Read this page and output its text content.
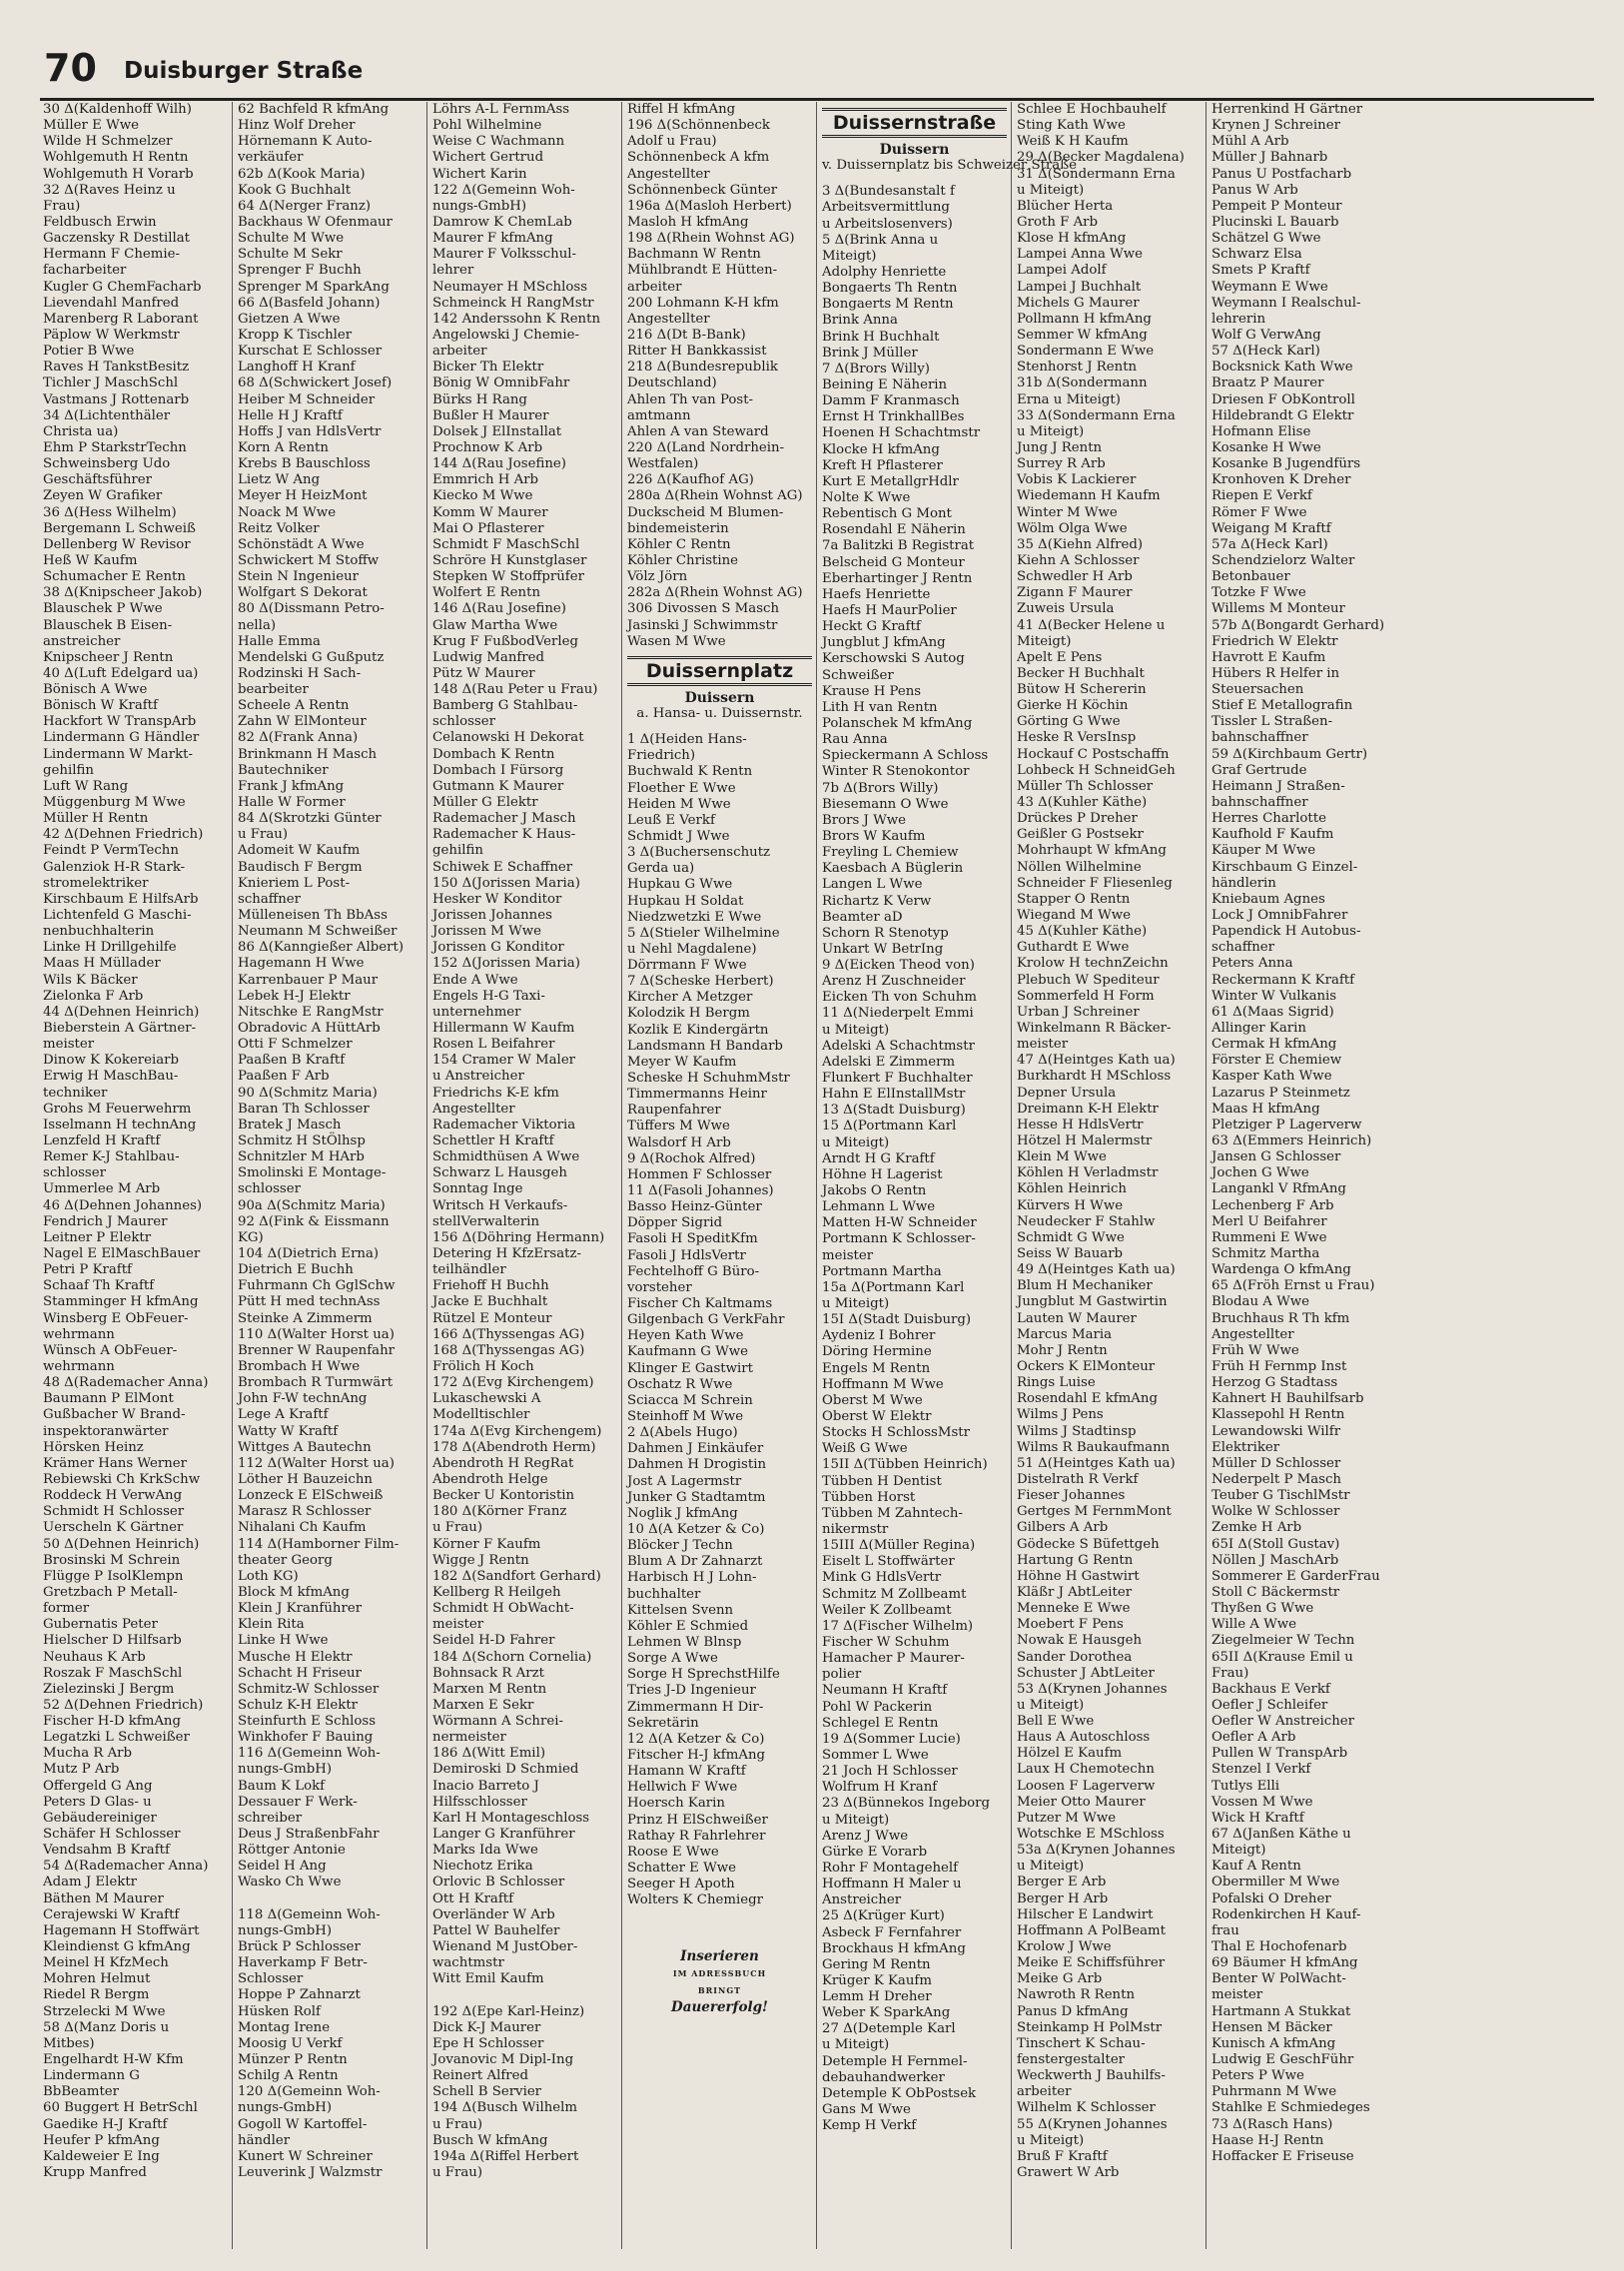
70 Duisburger Straße
30 Δ(Kaldenhoff Wilh)
Müller E Wwe
Wilde H Schmelzer
Wohlgemuth H Rentn
Wohlgemuth H Vorarb
32 Δ(Raves Heinz u
Frau)
Feldbusch Erwin
Gaczensky R Destillat
Hermann F Chemie-
facharbeiter
Kugler G ChemFacharb
Lievendahl Manfred
Marenberg R Laborant
Päplow W Werkmstr
Potier B Wwe
Raves H TankstBesitz
Tichler J MaschSchl
Vastmans J Rottenarb
34 Δ(Lichtenthäler
Christa ua)
Ehm P StarkstrTechn
Schweinsberg Udo
Geschäftsführer
Zeyen W Grafiker
36 Δ(Hess Wilhelm)
Bergemann L Schweiß
Dellenberg W Revisor
Heß W Kaufm
Schumacher E Rentn
38 Δ(Knipscheer Jakob)
Blauschek P Wwe
Blauschek B Eisen-
anstreicher
Knipscheer J Rentn
40 Δ(Luft Edelgard ua)
Bönisch A Wwe
Bönisch W Kraftf
Hackfort W TranspArb
Lindermann G Händler
Lindermann W Markt-
gehilfin
Luft W Rang
Müggenburg M Wwe
Müller H Rentn
42 Δ(Dehnen Friedrich)
Feindt P VermTechn
Galenziok H-R Stark-
stromelektriker
Kirschbaum E HilfsArb
Lichtenfeld G Maschi-
nenbuchhalterin
Linke H Drillgehilfe
Maas H Müllader
Wils K Bäcker
Zielonka F Arb
44 Δ(Dehnen Heinrich)
Bieberstein A Gärtner-
meister
Dinow K Kokereiarb
Erwig H MaschBau-
techniker
Grohs M Feuerwehrm
Isselmann H technAng
Lenzfeld H Kraftf
Remer K-J Stahlbau-
schlosser
Ummerlee M Arb
46 Δ(Dehnen Johannes)
Fendrich J Maurer
Leitner P Elektr
Nagel E ElMaschBauer
Petri P Kraftf
Schaaf Th Kraftf
Stamminger H kfmAng
Winsberg E ObFeuer-
wehrmann
Wünsch A ObFeuer-
wehrmann
48 Δ(Rademacher Anna)
Baumann P ElMont
Gußbacher W Brand-
inspektoranwärter
Hörsken Heinz
Krämer Hans Werner
Rebiewski Ch KrkSchw
Roddeck H VerwAng
Schmidt H Schlosser
Uerscheln K Gärtner
50 Δ(Dehnen Heinrich)
Brosinski M Schrein
Flügge P IsolKlempn
Gretzbach P Metall-
former
Gubernatis Peter
Hielscher D Hilfsarb
Neuhaus K Arb
Roszak F MaschSchl
Zielezinski J Bergm
52 Δ(Dehnen Friedrich)
Fischer H-D kfmAng
Legatzki L Schweißer
Mucha R Arb
Mutz P Arb
Offergeld G Ang
Peters D Glas- u
Gebäudereiniger
Schäfer H Schlosser
Vendsahm B Kraftf
54 Δ(Rademacher Anna)
Adam J Elektr
Bäthen M Maurer
Cerajewski W Kraftf
Hagemann H Stoffwärt
Kleindienst G kfmAng
Meinel H KfzMech
Mohren Helmut
Riedel R Bergm
Strzelecki M Wwe
58 Δ(Manz Doris u
Mitbes)
Engelhardt H-W Kfm
Lindermann G
BbBeamter
60 Buggert H BetrSchl
Gaedike H-J Kraftf
Heufer P kfmAng
Kaldeweier E Ing
Krupp Manfred
62 Bachfeld R kfmAng
Hinz Wolf Dreher
Hörnemann K Auto-
verkäufer
62b Δ(Kook Maria)
Kook G Buchhalt
64 Δ(Nerger Franz)
Backhaus W Ofenmaur
Schulte M Wwe
Schulte M Sekr
Sprenger F Buchh
Sprenger M SparkAng
66 Δ(Basfeld Johann)
Gietzen A Wwe
Kropp K Tischler
Kurschat E Schlosser
Langhoff H Kranf
68 Δ(Schwickert Josef)
Heiber M Schneider
Helle H J Kraftf
Hoffs J van HdlsVertr
Korn A Rentn
Krebs B Bauschloss
Lietz W Ang
Meyer H HeizMont
Noack M Wwe
Reitz Volker
Schönstädt A Wwe
Schwickert M Stoffw
Stein N Ingenieur
Wolfgart S Dekorat
80 Δ(Dissmann Petro-
nella)
Halle Emma
Mendelski G Gußputz
Rodzinski H Sach-
bearbeiter
Scheele A Rentn
Zahn W ElMonteur
82 Δ(Frank Anna)
Brinkmann H Masch
Bautechniker
Frank J kfmAng
Halle W Former
84 Δ(Skrotzki Günter
u Frau)
Adomeit W Kaufm
Baudisch F Bergm
Knieriem L Post-
schaffner
Mülleneisen Th BbAss
Neumann M Schweißer
86 Δ(Kanngießer Albert)
Hagemann H Wwe
Karrenbauer P Maur
Lebek H-J Elektr
Nitschke E RangMstr
Obradovic A HüttArb
Otti F Schmelzer
Paaßen B Kraftf
Paaßen F Arb
90 Δ(Schmitz Maria)
Baran Th Schlosser
Bratek J Masch
Schmitz H StÖlhsp
Schnitzler M HArb
Smolinski E Montage-
schlosser
90a Δ(Schmitz Maria)
92 Δ(Fink & Eissmann
KG)
104 Δ(Dietrich Erna)
Dietrich E Buchh
Fuhrmann Ch GglSchw
Pütt H med technAss
Steinke A Zimmerm
110 Δ(Walter Horst ua)
Brenner W Raupenfahr
Brombach H Wwe
Brombach R Turmwärt
John F-W technAng
Lege A Kraftf
Watty W Kraftf
Wittges A Bautechn
112 Δ(Walter Horst ua)
Löther H Bauzeichn
Lonzeck E ElSchweiß
Marasz R Schlosser
Nihalani Ch Kaufm
114 Δ(Hamborner Film-
theater Georg
Loth KG)
Block M kfmAng
Klein J Kranführer
Klein Rita
Linke H Wwe
Musche H Elektr
Schacht H Friseur
Schmitz-W Schlosser
Schulz K-H Elektr
Steinfurth E Schloss
Winkhofer F Bauing
116 Δ(Gemeinn Woh-
nungs-GmbH)
Baum K Lokf
Dessauer F Werk-
schreiber
Deus J StraßenbFahr
Röttger Antonie
Seidel H Ang
Wasko Ch Wwe
118 Δ(Gemeinn Woh-
nungs-GmbH)
Brück P Schlosser
Haverkamp F Betr-
Schlosser
Hoppe P Zahnarzt
Hüsken Rolf
Montag Irene
Moosig U Verkf
Münzer P Rentn
Schilg A Rentn
120 Δ(Gemeinn Woh-
nungs-GmbH)
Gogoll W Kartoffel-
händler
Kunert W Schreiner
Leuverink J Walzmstr
Löhrs A-L FernmAss
Pohl Wilhelmine
Weise C Wachmann
Wichert Gertrud
Wichert Karin
122 Δ(Gemeinn Woh-
nungs-GmbH)
Damrow K ChemLab
Maurer F kfmAng
Maurer F Volksschul-
lehrer
Neumayer H MSchloss
Schmeinck H RangMstr
142 Anderssohn K Rentn
Angelowski J Chemie-
arbeiter
Bicker Th Elektr
Bönig W OmnibFahr
Bürks H Rang
Bußler H Maurer
Dolsek J ElInstallat
Prochnow K Arb
144 Δ(Rau Josefine)
Emmrich H Arb
Kiecko M Wwe
Komm W Maurer
Mai O Pflasterer
Schmidt F MaschSchl
Schröre H Kunstglaser
Stepken W Stoffprüfer
Wolfert E Rentn
146 Δ(Rau Josefine)
Glaw Martha Wwe
Krug F FußbodVerleg
Ludwig Manfred
Pütz W Maurer
148 Δ(Rau Peter u Frau)
Bamberg G Stahlbau-
schlosser
Celanowski H Dekorat
Dombach K Rentn
Dombach I Fürsorg
Gutmann K Maurer
Müller G Elektr
Rademacher J Masch
Rademacher K Haus-
gehilfin
Schiwek E Schaffner
150 Δ(Jorissen Maria)
Hesker W Konditor
Jorissen Johannes
Jorissen M Wwe
Jorissen G Konditor
152 Δ(Jorissen Maria)
Ende A Wwe
Engels H-G Taxi-
unternehmer
Hillermann W Kaufm
Rosen L Beifahrer
154 Cramer W Maler
u Anstreicher
Friedrichs K-E kfm
Angestellter
Rademacher Viktoria
Schettler H Kraftf
Schmidthüsen A Wwe
Schwarz L Hausgeh
Sonntag Inge
Writsch H Verkaufs-
stellVerwalterin
156 Δ(Döhring Hermann)
Detering H KfzErsatz-
teilhändler
Friehoff H Buchh
Jacke E Buchhalt
Rützel E Monteur
166 Δ(Thyssengas AG)
168 Δ(Thyssengas AG)
Frölich H Koch
172 Δ(Evg Kirchengem)
Lukaschewski A
Modelltischler
174a Δ(Evg Kirchengem)
178 Δ(Abendroth Herm)
Abendroth H RegRat
Abendroth Helge
Becker U Kontoristin
180 Δ(Körner Franz
u Frau)
Körner F Kaufm
Wigge J Rentn
182 Δ(Sandfort Gerhard)
Kellberg R Heilgeh
Schmidt H ObWacht-
meister
Seidel H-D Fahrer
184 Δ(Schorn Cornelia)
Bohnsack R Arzt
Marxen M Rentn
Marxen E Sekr
Wörmann A Schrei-
nermeister
186 Δ(Witt Emil)
Demiroski D Schmied
Inacio Barreto J
Hilfsschlosser
Karl H Montageschloss
Langer G Kranführer
Marks Ida Wwe
Niechotz Erika
Orlovic B Schlosser
Ott H Kraftf
Overländer W Arb
Pattel W Bauhelfer
Wienand M JustOber-
wachtmstr
Witt Emil Kaufm
192 Δ(Epe Karl-Heinz)
Dick K-J Maurer
Epe H Schlosser
Jovanovic M Dipl-Ing
Reinert Alfred
Schell B Servier
194 Δ(Busch Wilhelm
u Frau)
Busch W kfmAng
194a Δ(Riffel Herbert
u Frau)
Riffel H kfmAng
196 Δ(Schönnenbeck
Adolf u Frau)
Schönnenbeck A kfm
Angestellter
Schönnenbeck Günter
196a Δ(Masloh Herbert)
Masloh H kfmAng
198 Δ(Rhein Wohnst AG)
Bachmann W Rentn
Mühlbrandt E Hütten-
arbeiter
200 Lohmann K-H kfm
Angestellter
216 Δ(Dt B-Bank)
Ritter H Bankkassist
218 Δ(Bundesrepublik
Deutschland)
Ahlen Th van Post-
amtmann
Ahlen A van Steward
220 Δ(Land Nordrhein-
Westfalen)
226 Δ(Kaufhof AG)
280a Δ(Rhein Wohnst AG)
Duckscheid M Blumen-
bindemeisterin
Köhler C Rentn
Köhler Christine
Völz Jörn
282a Δ(Rhein Wohnst AG)
306 Divossen S Masch
Jasinski J Schwimmstr
Wasen M Wwe
Duissernplatz
Duissern
a. Hansa- u. Duissernstr.
1 Δ(Heiden Hans-
Friedrich)
Buchwald K Rentn
Floether E Wwe
Heiden M Wwe
Leuß E Verkf
Schmidt J Wwe
3 Δ(Buchersenschutz
Gerda ua)
Hupkau G Wwe
Hupkau H Soldat
Niedzwetzki E Wwe
5 Δ(Stieler Wilhelmine
u Nehl Magdalene)
Dörrmann F Wwe
7 Δ(Scheske Herbert)
Kircher A Metzger
Kolodzik H Bergm
Kozlik E Kindergärtn
Landsmann H Bandarb
Meyer W Kaufm
Scheske H SchuhmMstr
Timmermanns Heinr
Raupenfahrer
Tüffers M Wwe
Walsdorf H Arb
9 Δ(Rochok Alfred)
Hommen F Schlosser
11 Δ(Fasoli Johannes)
Basso Heinz-Günter
Döpper Sigrid
Fasoli H SpeditKfm
Fasoli J HdlsVertr
Fechtelhoff G Büro-
vorsteher
Fischer Ch Kaltmams
Gilgenbach G VerkFahr
Heyen Kath Wwe
Kaufmann G Wwe
Klinger E Gastwirt
Oschatz R Wwe
Sciacca M Schrein
Steinhoff M Wwe
2 Δ(Abels Hugo)
Dahmen J Einkäufer
Dahmen H Drogistin
Jost A Lagermstr
Junker G Stadtamtm
Noglik J kfmAng
10 Δ(A Ketzer & Co)
Blöcker J Techn
Blum A Dr Zahnarzt
Harbisch H J Lohn-
buchhalter
Kittelsen Svenn
Köhler E Schmied
Lehmen W Blnsp
Sorge A Wwe
Sorge H SprechstHilfe
Tries J-D Ingenieur
Zimmermann H Dir-
Sekretärin
12 Δ(A Ketzer & Co)
Fitscher H-J kfmAng
Hamann W Kraftf
Hellwich F Wwe
Hoersch Karin
Prinz H ElSchweißer
Rathay R Fahrlehrer
Roose E Wwe
Schatter E Wwe
Seeger H Apoth
Wolters K Chemiegr
Inserieren
IM ADRESSBUCH
BRINGT
Dauererfolg!
Duissernstraße
Duissern
v. Duissernplatz bis Schweizer Straße
3 Δ(Bundesanstalt f
Arbeitsvermittlung
u Arbeitslosenvers)
5 Δ(Brink Anna u
Miteigt)
Adolphy Henriette
Bongaerts Th Rentn
Bongaerts M Rentn
Brink Anna
Brink H Buchhalt
Brink J Müller
7 Δ(Brors Willy)
Beining E Näherin
Damm F Kranmasch
Ernst H TrinkhallBes
Hoenen H Schachtmstr
Klocke H kfmAng
Kreft H Pflasterer
Kurt E MetallgrHdlr
Nolte K Wwe
Rebentisch G Mont
Rosendahl E Näherin
7a Balitzki B Registrat
Belscheid G Monteur
Eberhartinger J Rentn
Haefs Henriette
Haefs H MaurPolier
Heckt G Kraftf
Jungblut J kfmAng
Kerschowski S Autog
Schweißer
Krause H Pens
Lith H van Rentn
Polanschek M kfmAng
Rau Anna
Spieckermann A Schloss
Winter R Stenokontor
7b Δ(Brors Willy)
Biesemann O Wwe
Brors J Wwe
Brors W Kaufm
Freyling L Chemiew
Kaesbach A Büglerin
Langen L Wwe
Richartz K Verw
Beamter aD
Schorn R Stenotyp
Unkart W BetrIng
9 Δ(Eicken Theod von)
Arenz H Zuschneider
Eicken Th von Schuhm
11 Δ(Niederpelt Emmi
u Miteigt)
Adelski A Schachtmstr
Adelski E Zimmerm
Flunkert F Buchhalter
Hahn E ElInstallMstr
13 Δ(Stadt Duisburg)
15 Δ(Portmann Karl
u Miteigt)
Arndt H G Kraftf
Höhne H Lagerist
Jakobs O Rentn
Lehmann L Wwe
Matten H-W Schneider
Portmann K Schlosser-
meister
Portmann Martha
15a Δ(Portmann Karl
u Miteigt)
15I Δ(Stadt Duisburg)
Aydeniz I Bohrer
Döring Hermine
Engels M Rentn
Hoffmann M Wwe
Oberst M Wwe
Oberst W Elektr
Stocks H SchlossMstr
Weiß G Wwe
15II Δ(Tübben Heinrich)
Tübben H Dentist
Tübben Horst
Tübben M Zahntech-
nikermstr
15III Δ(Müller Regina)
Eiselt L Stoffwärter
Mink G HdlsVertr
Schmitz M Zollbeamt
Weiler K Zollbeamt
17 Δ(Fischer Wilhelm)
Fischer W Schuhm
Hamacher P Maurer-
polier
Neumann H Kraftf
Pohl W Packerin
Schlegel E Rentn
19 Δ(Sommer Lucie)
Sommer L Wwe
21 Joch H Schlosser
Wolfrum H Kranf
23 Δ(Bünnekos Ingeborg
u Miteigt)
Arenz J Wwe
Gürke E Vorarb
Rohr F Montagehelf
Hoffmann H Maler u
Anstreicher
25 Δ(Krüger Kurt)
Asbeck F Fernfahrer
Brockhaus H kfmAng
Gering M Rentn
Krüger K Kaufm
Lemm H Dreher
Weber K SparkAng
27 Δ(Detemple Karl
u Miteigt)
Detemple H Fernmel-
debauhandwerker
Detemple K ObPostsek
Gans M Wwe
Kemp H Verkf
Schlee E Hochbauhelf
Sting Kath Wwe
Weiß K H Kaufm
29 Δ(Becker Magdalena)
31 Δ(Sondermann Erna
u Miteigt)
Blücher Herta
Groth F Arb
Klose H kfmAng
Lampei Anna Wwe
Lampei Adolf
Lampei J Buchhalt
Michels G Maurer
Pollmann H kfmAng
Semmer W kfmAng
Sondermann E Wwe
Stenhorst J Rentn
31b Δ(Sondermann
Erna u Miteigt)
33 Δ(Sondermann Erna
u Miteigt)
Jung J Rentn
Surrey R Arb
Vobis K Lackierer
Wiedemann H Kaufm
Winter M Wwe
Wölm Olga Wwe
35 Δ(Kiehn Alfred)
Kiehn A Schlosser
Schwedler H Arb
Zigann F Maurer
Zuweis Ursula
41 Δ(Becker Helene u
Miteigt)
Apelt E Pens
Becker H Buchhalt
Bütow H Schererin
Gierke H Köchin
Görting G Wwe
Heske R VersInsp
Hockauf C Postschaffn
Lohbeck H SchneidGeh
Müller Th Schlosser
43 Δ(Kuhler Käthe)
Drückes P Dreher
Geißler G Postsekr
Mohrhaupt W kfmAng
Nöllen Wilhelmine
Schneider F Fliesenleg
Stapper O Rentn
Wiegand M Wwe
45 Δ(Kuhler Käthe)
Guthardt E Wwe
Krolow H technZeichn
Plebuch W Spediteur
Sommerfeld H Form
Urban J Schreiner
Winkelmann R Bäcker-
meister
47 Δ(Heintges Kath ua)
Burkhardt H MSchloss
Depner Ursula
Dreimann K-H Elektr
Hesse H HdlsVertr
Hötzel H Malermstr
Klein M Wwe
Köhlen H Verladmstr
Köhlen Heinrich
Kürvers H Wwe
Neudecker F Stahlw
Schmidt G Wwe
Seiss W Bauarb
49 Δ(Heintges Kath ua)
Blum H Mechaniker
Jungblut M Gastwirtin
Lauten W Maurer
Marcus Maria
Mohr J Rentn
Ockers K ElMonteur
Rings Luise
Rosendahl E kfmAng
Wilms J Pens
Wilms J Stadtinsp
Wilms R Baukaufmann
51 Δ(Heintges Kath ua)
Distelrath R Verkf
Fieser Johannes
Gertges M FernmMont
Gilbers A Arb
Gödecke S Büfettgeh
Hartung G Rentn
Höhne H Gastwirt
Kläßr J AbtLeiter
Menneke E Wwe
Moebert F Pens
Nowak E Hausgeh
Sander Dorothea
Schuster J AbtLeiter
53 Δ(Krynen Johannes
u Miteigt)
Bell E Wwe
Haus A Autoschloss
Hölzel E Kaufm
Laux H Chemotechn
Loosen F Lagerverw
Meier Otto Maurer
Putzer M Wwe
Wotschke E MSchloss
53a Δ(Krynen Johannes
u Miteigt)
Berger E Arb
Berger H Arb
Hilscher E Landwirt
Hoffmann A PolBeamt
Krolow J Wwe
Meike E Schiffsführer
Meike G Arb
Nawroth R Rentn
Panus D kfmAng
Steinkamp H PolMstr
Tinschert K Schau-
fenstergestalter
Weckwerth J Bauhilfs-
arbeiter
Wilhelm K Schlosser
55 Δ(Krynen Johannes
u Miteigt)
Bruß F Kraftf
Grawert W Arb
Herrenkind H Gärtner
Krynen J Schreiner
Mühl A Arb
Müller J Bahnarb
Panus U Postfacharb
Panus W Arb
Pempeit P Monteur
Plucinski L Bauarb
Schätzel G Wwe
Schwarz Elsa
Smets P Kraftf
Weymann E Wwe
Weymann I Realschul-
lehrerin
Wolf G VerwAng
57 Δ(Heck Karl)
Bocksnick Kath Wwe
Braatz P Maurer
Driesen F ObKontroll
Hildebrandt G Elektr
Hofmann Elise
Kosanke H Wwe
Kosanke B Jugendfürs
Kronhoven K Dreher
Riepen E Verkf
Römer F Wwe
Weigang M Kraftf
57a Δ(Heck Karl)
Schendzielorz Walter
Betonbauer
Totzke F Wwe
Willems M Monteur
57b Δ(Bongardt Gerhard)
Friedrich W Elektr
Havrott E Kaufm
Hübers R Helfer in
Steuersachen
Stief E Metallografin
Tissler L Straßen-
bahnschaffner
59 Δ(Kirchbaum Gertr)
Graf Gertrude
Heimann J Straßen-
bahnschaffner
Herres Charlotte
Kaufhold F Kaufm
Käuper M Wwe
Kirschbaum G Einzel-
händlerin
Kniebaum Agnes
Lock J OmnibFahrer
Papendick H Autobus-
schaffner
Peters Anna
Reckermann K Kraftf
Winter W Vulkanis
61 Δ(Maas Sigrid)
Allinger Karin
Cermak H kfmAng
Förster E Chemiew
Kasper Kath Wwe
Lazarus P Steinmetz
Maas H kfmAng
Pletziger P Lagerverw
63 Δ(Emmers Heinrich)
Jansen G Schlosser
Jochen G Wwe
Langankl V RfmAng
Lechenberg F Arb
Merl U Beifahrer
Rummeni E Wwe
Schmitz Martha
Wardenga O kfmAng
65 Δ(Fröh Ernst u Frau)
Blodau A Wwe
Bruchhaus R Th kfm
Angestellter
Früh W Wwe
Früh H Fernmp Inst
Herzog G Stadtass
Kahnert H Bauhilfsarb
Klassepohl H Rentn
Lewandowski Wilfr
Elektriker
Müller D Schlosser
Nederpelt P Masch
Teuber G TischlMstr
Wolke W Schlosser
Zemke H Arb
65I Δ(Stoll Gustav)
Nöllen J MaschArb
Sommerer E GarderFrau
Stoll C Bäckermstr
Thyßen G Wwe
Wille A Wwe
Ziegelmeier W Techn
65II Δ(Krause Emil u
Frau)
Backhaus E Verkf
Oefler J Schleifer
Oefler W Anstreicher
Oefler A Arb
Pullen W TranspArb
Stenzel I Verkf
Tutlys Elli
Vossen M Wwe
Wick H Kraftf
67 Δ(Janßen Käthe u
Miteigt)
Kauf A Rentn
Obermiller M Wwe
Pofalski O Dreher
Rodenkirchen H Kauf-
frau
Thal E Hochofenarb
69 Bäumer H kfmAng
Benter W PolWacht-
meister
Hartmann A Stukkat
Hensen M Bäcker
Kunisch A kfmAng
Ludwig E GeschFühr
Peters P Wwe
Puhrmann M Wwe
Stahlke E Schmiedeges
73 Δ(Rasch Hans)
Haase H-J Rentn
Hoffacker E Friseuse
